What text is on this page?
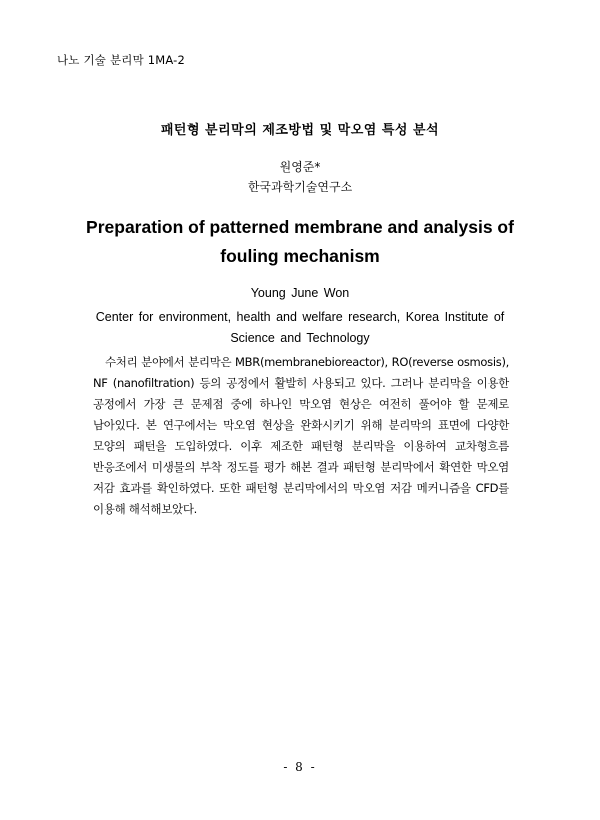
나노 기술 분리막 1MA-2
패턴형 분리막의 제조방법 및 막오염 특성 분석
원영준*
한국과학기술연구소
Preparation of patterned membrane and analysis of fouling mechanism
Young June Won
Center for environment, health and welfare research, Korea Institute of Science and Technology

수처리 분야에서 분리막은 MBR(membranebioreactor), RO(reverse osmosis), NF (nanofiltration) 등의 공정에서 활발히 사용되고 있다. 그러나 분리막을 이용한 공정에서 가장 큰 문제점 중에 하나인 막오염 현상은 여전히 풀어야 할 문제로 남아있다. 본 연구에서는 막오염 현상을 완화시키기 위해 분리막의 표면에 다양한 모양의 패턴을 도입하였다. 이후 제조한 패턴형 분리막을 이용하여 교차형흐름 반응조에서 미생물의 부착 정도를 평가 해본 결과 패턴형 분리막에서 확연한 막오염 저감 효과를 확인하였다. 또한 패턴형 분리막에서의 막오염 저감 메커니즘을 CFD를 이용해 해석해보았다.

- 8 -
